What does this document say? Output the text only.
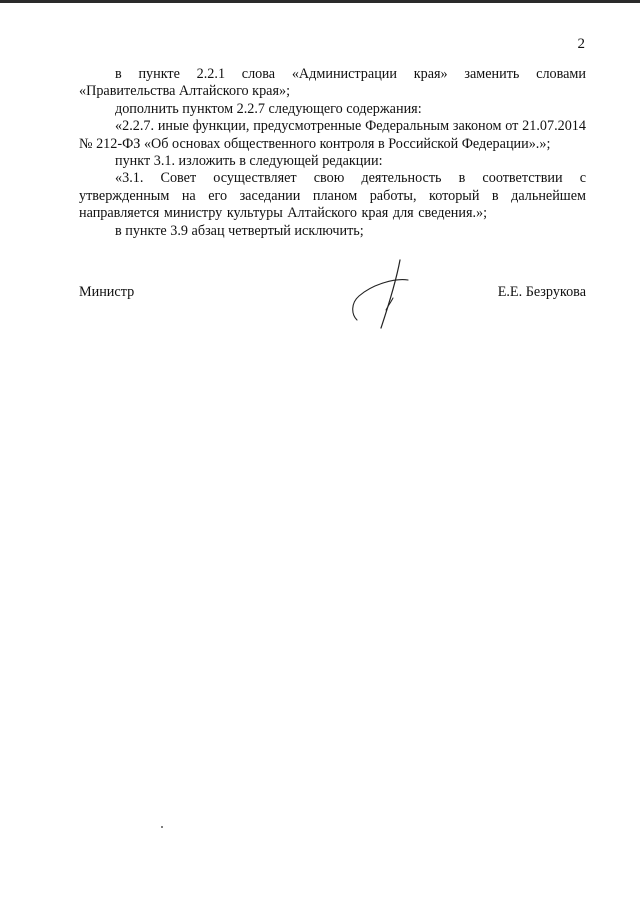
2

в пункте 2.2.1 слова «Администрации края» заменить словами «Правительства Алтайского края»;

дополнить пунктом 2.2.7 следующего содержания:

«2.2.7. иные функции, предусмотренные Федеральным законом от 21.07.2014 № 212-ФЗ «Об основах общественного контроля в Российской Федерации».»;

пункт 3.1. изложить в следующей редакции:

«3.1. Совет осуществляет свою деятельность в соответствии с утвержденным на его заседании планом работы, который в дальнейшем направляется министру культуры Алтайского края для сведения.»;

в пункте 3.9 абзац четвертый исключить;

Министр	Е.Е. Безрукова
